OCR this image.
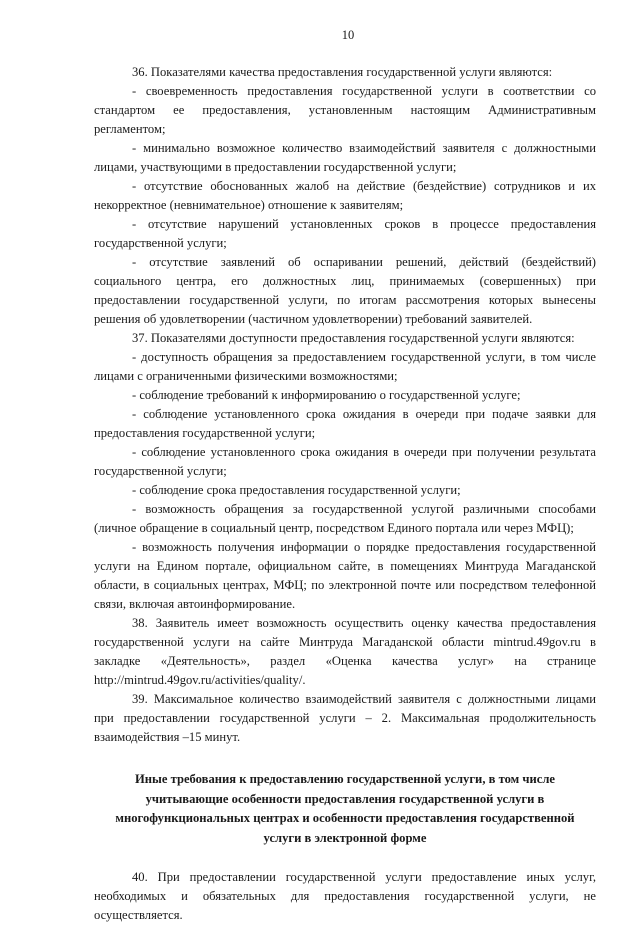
10

36. Показателями качества предоставления государственной услуги являются:

- своевременность предоставления государственной услуги в соответствии со стандартом ее предоставления, установленным настоящим Административным регламентом;

- минимально возможное количество взаимодействий заявителя с должностными лицами, участвующими в предоставлении государственной услуги;

- отсутствие обоснованных жалоб на действие (бездействие) сотрудников и их некорректное (невнимательное) отношение к заявителям;

- отсутствие нарушений установленных сроков в процессе предоставления государственной услуги;

- отсутствие заявлений об оспаривании решений, действий (бездействий) социального центра, его должностных лиц, принимаемых (совершенных) при предоставлении государственной услуги, по итогам рассмотрения которых вынесены решения об удовлетворении (частичном удовлетворении) требований заявителей.

37. Показателями доступности предоставления государственной услуги являются:

- доступность обращения за предоставлением государственной услуги, в том числе лицами с ограниченными физическими возможностями;

- соблюдение требований к информированию о государственной услуге;

- соблюдение установленного срока ожидания в очереди при подаче заявки для предоставления государственной услуги;

- соблюдение установленного срока ожидания в очереди при получении результата государственной услуги;

- соблюдение срока предоставления государственной услуги;

- возможность обращения за государственной услугой различными способами (личное обращение в социальный центр, посредством Единого портала или через МФЦ);

- возможность получения информации о порядке предоставления государственной услуги на Едином портале, официальном сайте, в помещениях Минтруда Магаданской области, в социальных центрах, МФЦ; по электронной почте или посредством телефонной связи, включая автоинформирование.

38. Заявитель имеет возможность осуществить оценку качества предоставления государственной услуги на сайте Минтруда Магаданской области mintrud.49gov.ru в закладке «Деятельность», раздел «Оценка качества услуг» на странице http://mintrud.49gov.ru/activities/quality/.

39. Максимальное количество взаимодействий заявителя с должностными лицами при предоставлении государственной услуги – 2. Максимальная продолжительность взаимодействия –15 минут.

Иные требования к предоставлению государственной услуги, в том числе учитывающие особенности предоставления государственной услуги в многофункциональных центрах и особенности предоставления государственной услуги в электронной форме

40. При предоставлении государственной услуги предоставление иных услуг, необходимых и обязательных для предоставления государственной услуги, не осуществляется.
